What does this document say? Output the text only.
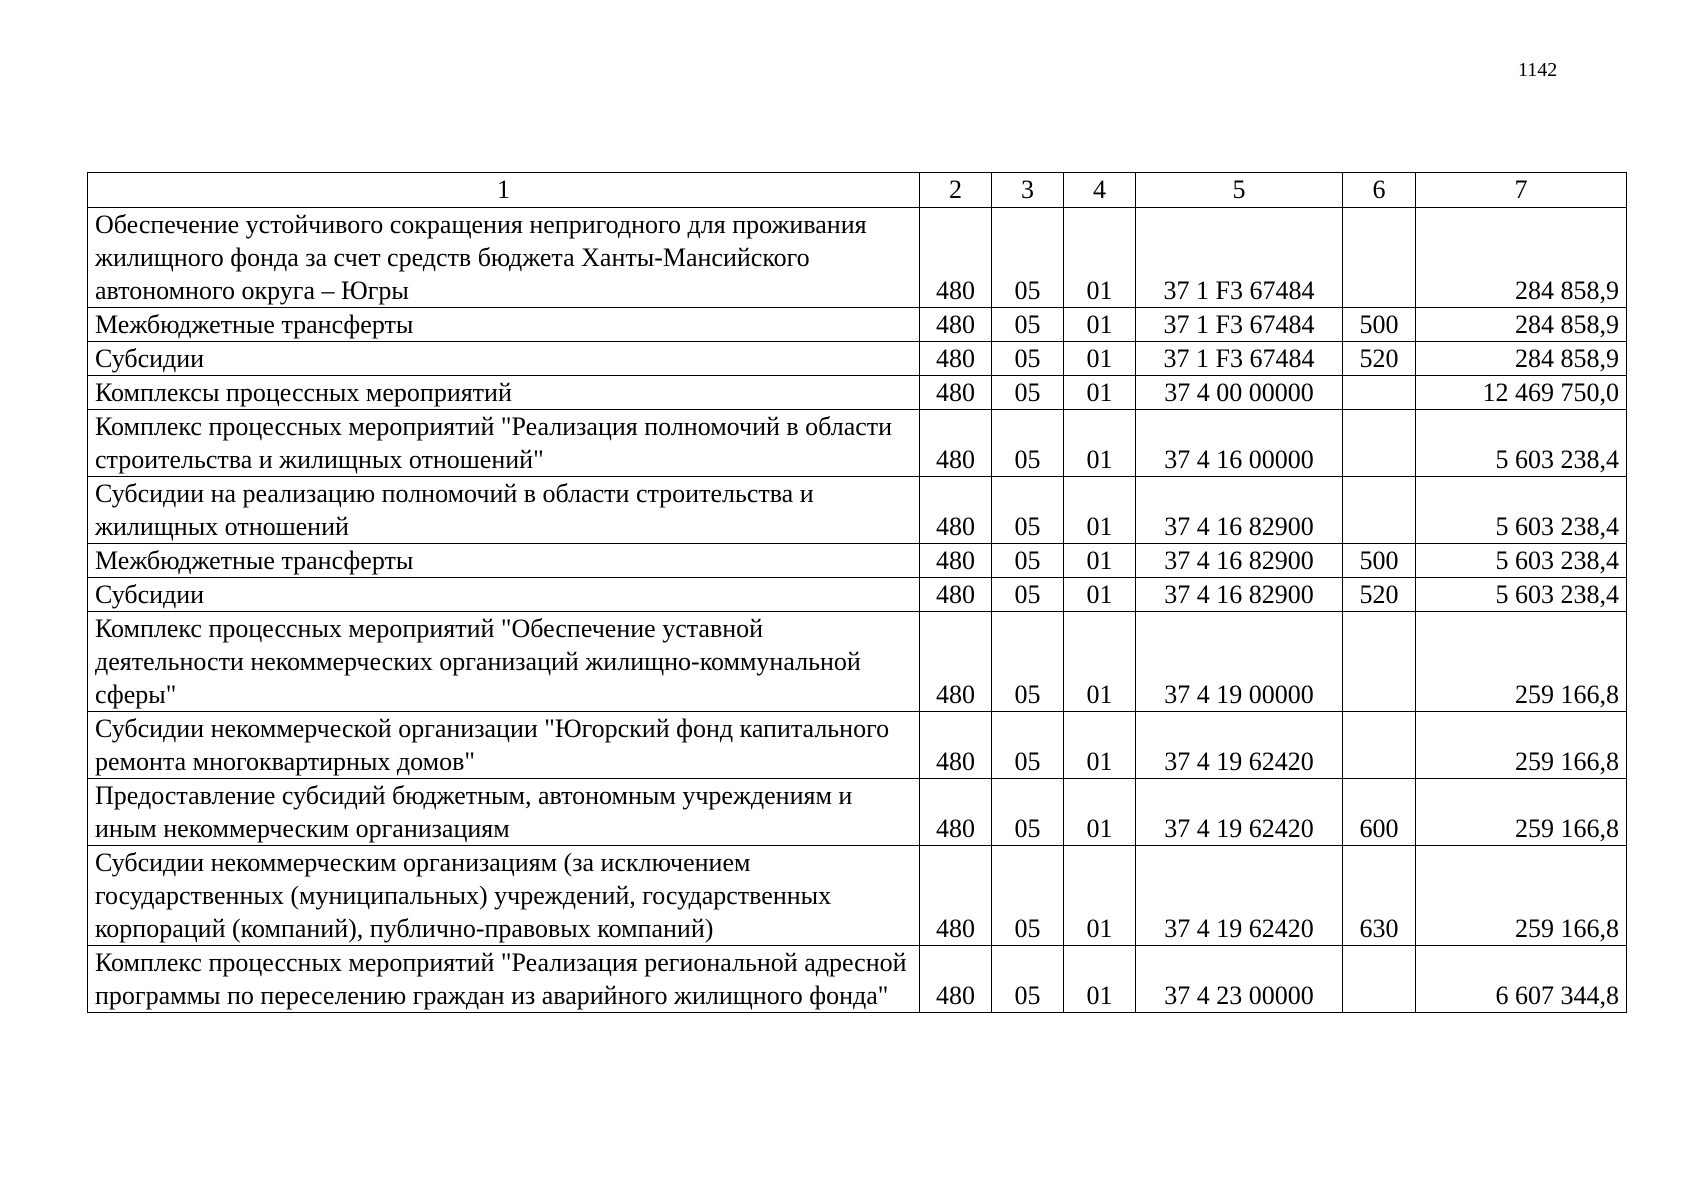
1142
1	2	3	4	5	6	7
Обеспечение устойчивого сокращения непригодного для проживания жилищного фонда за счет средств бюджета Ханты-Мансийского автономного округа – Югры	480	05	01	37 1 F3 67484		284 858,9
Межбюджетные трансферты	480	05	01	37 1 F3 67484	500	284 858,9
Субсидии	480	05	01	37 1 F3 67484	520	284 858,9
Комплексы процессных мероприятий	480	05	01	37 4 00 00000		12 469 750,0
Комплекс процессных мероприятий "Реализация полномочий в области строительства и жилищных отношений"	480	05	01	37 4 16 00000		5 603 238,4
Субсидии на реализацию полномочий в области строительства и жилищных отношений	480	05	01	37 4 16 82900		5 603 238,4
Межбюджетные трансферты	480	05	01	37 4 16 82900	500	5 603 238,4
Субсидии	480	05	01	37 4 16 82900	520	5 603 238,4
Комплекс процессных мероприятий "Обеспечение уставной деятельности некоммерческих организаций жилищно-коммунальной сферы"	480	05	01	37 4 19 00000		259 166,8
Субсидии некоммерческой организации "Югорский фонд капитального ремонта многоквартирных домов"	480	05	01	37 4 19 62420		259 166,8
Предоставление субсидий бюджетным, автономным учреждениям и иным некоммерческим организациям	480	05	01	37 4 19 62420	600	259 166,8
Субсидии некоммерческим организациям (за исключением государственных (муниципальных) учреждений, государственных корпораций (компаний), публично-правовых компаний)	480	05	01	37 4 19 62420	630	259 166,8
Комплекс процессных мероприятий "Реализация региональной адресной программы по переселению граждан из аварийного жилищного фонда"	480	05	01	37 4 23 00000		6 607 344,8
